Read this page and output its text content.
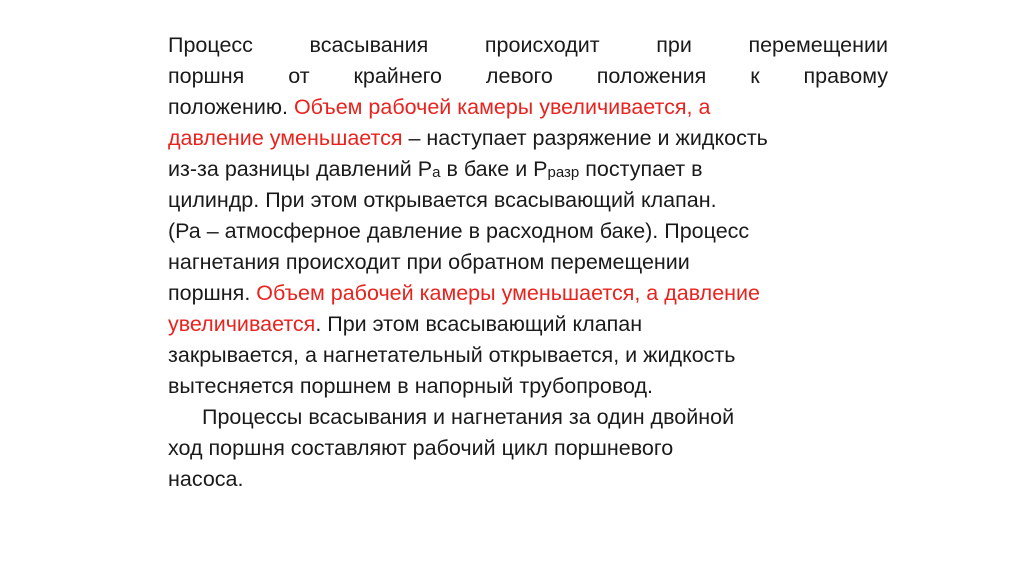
Процесс всасывания происходит при перемещении
поршня от крайнего левого положения к правому
положению. Объем рабочей камеры увеличивается, а
давление уменьшается – наступает разряжение и жидкость
из-за разницы давлений $Р_а$ в баке и $Р_{разр}$ поступает в
цилиндр. При этом открывается всасывающий клапан.
(Ра – атмосферное давление в расходном баке). Процесс
нагнетания происходит при обратном перемещении
поршня. Объем рабочей камеры уменьшается, а давление
увеличивается. При этом всасывающий клапан
закрывается, а нагнетательный открывается, и жидкость
вытесняется поршнем в напорный трубопровод.
Процессы всасывания и нагнетания за один двойной
ход поршня составляют рабочий цикл поршневого
насоса.
